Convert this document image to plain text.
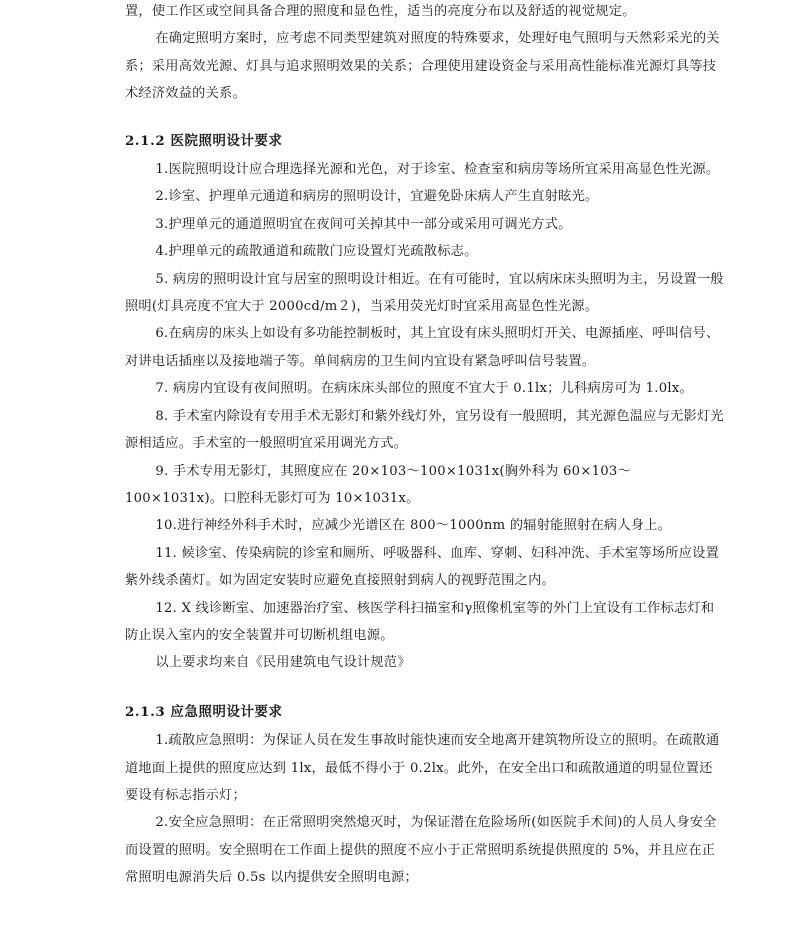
置，使工作区或空间具备合理的照度和显色性，适当的亮度分布以及舒适的视觉规定。

在确定照明方案时，应考虑不同类型建筑对照度的特殊要求，处理好电气照明与天然彩采光的关系；采用高效光源、灯具与追求照明效果的关系；合理使用建设资金与采用高性能标准光源灯具等技术经济效益的关系。

2.1.2 医院照明设计要求

1.医院照明设计应合理选择光源和光色，对于诊室、检查室和病房等场所宜采用高显色性光源。

2.诊室、护理单元通道和病房的照明设计，宜避免卧床病人产生直射眩光。

3.护理单元的通道照明宜在夜间可关掉其中一部分或采用可调光方式。

4.护理单元的疏散通道和疏散门应设置灯光疏散标志。

5. 病房的照明设计宜与居室的照明设计相近。在有可能时，宜以病床床头照明为主，另设置一般照明(灯具亮度不宜大于 2000cd/m２)，当采用荧光灯时宜采用高显色性光源。

6.在病房的床头上如设有多功能控制板时，其上宜设有床头照明灯开关、电源插座、呼叫信号、对讲电话插座以及接地端子等。单间病房的卫生间内宜设有紧急呼叫信号装置。

7. 病房内宜设有夜间照明。在病床床头部位的照度不宜大于 0.1lx；儿科病房可为 1.0lx。

8. 手术室内除设有专用手术无影灯和紫外线灯外，宜另设有一般照明，其光源色温应与无影灯光源相适应。手术室的一般照明宜采用调光方式。

9. 手术专用无影灯，其照度应在 20×103～100×1031x(胸外科为 60×103～100×1031x)。口腔科无影灯可为 10×1031x。

10.进行神经外科手术时，应减少光谱区在 800～1000nm 的辐射能照射在病人身上。

11. 候诊室、传染病院的诊室和厕所、呼吸器科、血库、穿刺、妇科冲洗、手术室等场所应设置紫外线杀菌灯。如为固定安装时应避免直接照射到病人的视野范围之内。

12. X 线诊断室、加速器治疗室、核医学科扫描室和γ照像机室等的外门上宜设有工作标志灯和防止误入室内的安全装置并可切断机组电源。

以上要求均来自《民用建筑电气设计规范》

2.1.3 应急照明设计要求

1.疏散应急照明：为保证人员在发生事故时能快速而安全地离开建筑物所设立的照明。在疏散通道地面上提供的照度应达到 1lx，最低不得小于 0.2lx。此外，在安全出口和疏散通道的明显位置还要设有标志指示灯；

2.安全应急照明：在正常照明突然熄灭时，为保证潜在危险场所(如医院手术间)的人员人身安全而设置的照明。安全照明在工作面上提供的照度不应小于正常照明系统提供照度的 5%，并且应在正常照明电源消失后 0.5s 以内提供安全照明电源；
